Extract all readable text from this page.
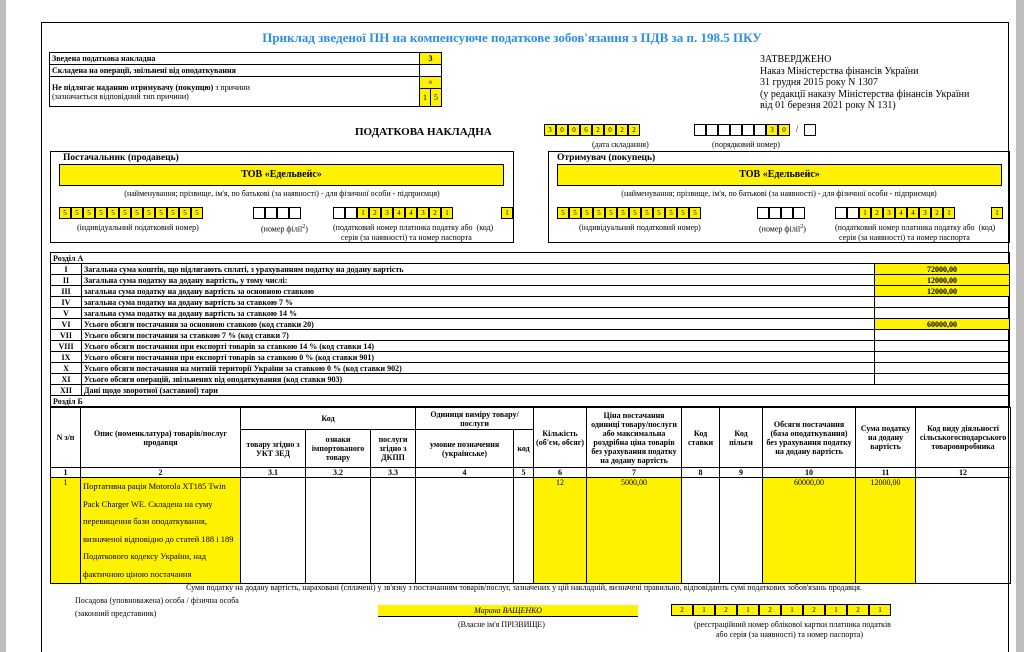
Приклад зведеної ПН на компенсуюче податкове зобов'язання з ПДВ за п. 198.5 ПКУ
Зведена податкова накладна	3	
Складена на операції, звільнені від оподаткування		
Не підлягає наданню отримувачу (покупцю) з причини
(зазначається відповідний тип причини)	×	
	1	5
ЗАТВЕРДЖЕНО
Наказ Міністерства фінансів України
31 грудня 2015 року N 1307
(у редакції наказу Міністерства фінансів України
від 01 березня 2021 року N 131)
ПОДАТКОВА НАКЛАДНА	3	0	0	6	2	0	2	2
(дата складання)
3	0	/
(порядковий номер)
Постачальник (продавець)
ТОВ «Едельвейс»
(найменування; прізвище, ім'я, по батькові (за наявності) - для фізичної особи - підприємця)
5	5	5	5	5	5	5	5	5	5	5	5	1	2	3	4	4	3	2	1	1
(індивідуальний податковий номер)	(номер філії$^2$)	(податковий номер платника податку або (код)
серія (за наявності) та номер паспорта
Отримувач (покупець)
ТОВ «Едельвейс»
(найменування; прізвище, ім'я, по батькові (за наявності) - для фізичної особи - підприємця)
5	5	5	5	5	5	5	5	5	5	5	5	1	2	3	4	4	3	2	1	1
(індивідуальний податковий номер)	(номер філії$^2$)	(податковий номер платника податку або (код)
серія (за наявності) та номер паспорта
Розділ А		
I	Загальна сума коштів, що підлягають сплаті, з урахуванням податку на додану вартість	72000,00
II	Загальна сума податку на додану вартість, у тому числі:	12000,00
III	загальна сума податку на додану вартість за основною ставкою	12000,00
IV	загальна сума податку на додану вартість за ставкою 7 %	
V	загальна сума податку на додану вартість за ставкою 14 %	
VI	Усього обсяги постачання за основною ставкою (код ставки 20)	60000,00
VII	Усього обсяги постачання за ставкою 7 % (код ставки 7)	
VIII	Усього обсяги постачання при експорті товарів за ставкою 14 % (код ставки 14)	
IX	Усього обсяги постачання при експорті товарів за ставкою 0 % (код ставки 901)	
X	Усього обсяги постачання на митній території України за ставкою 0 % (код ставки 902)	
XI	Усього обсяги операцій, звільнених від оподаткування (код ставки 903)	
XII	Дані щодо зворотної (заставної) тари	
Розділ Б		
N з/п	Опис (номенклатура) товарів/послуг продавця	Код			Одиниця виміру товару/послуги		Кількість (об'єм, обсяг)	Ціна постачання одиниці товару/послуги або максимальна роздрібна ціна товарів без урахування податку на додану вартість	Код ставки	Код пільги	Обсяги постачання (база оподаткування) без урахування податку на додану вартість	Сума податку на додану вартість	Код виду діяльності сільськогосподарського товаровиробника
		товару згідно з УКТ ЗЕД	ознаки імпортованого товару	послуги згідно з ДКПП	умовне позначення (українське)	код							
1	2	3.1	3.2	3.3	4	5	6	7	8	9	10	11	12
1	Портативна рація Motorola XT185 Twin Pack Charger WE. Складена на суму перевищення бази оподаткування, визначеної відповідно до статей 188 і 189 Податкового кодексу України, над фактичною ціною постачання						12	5000,00			60000,00	12000,00	
Суми податку на додану вартість, нараховані (сплачені) у зв'язку з постачанням товарів/послуг, зазначених у цій накладній, визначені правильно, відповідають сумі податкових зобов'язань продавця.
Посадова (уповноважена) особа / фізична особа
(законний представник)	Марина ВАЩЕНКО
(Власне ім'я ПРІЗВИЩЕ)
2	1	2	1	2	1	2	1	2	1
(реєстраційний номер облікової картки платника податків
або серія (за наявності) та номер паспорта)
